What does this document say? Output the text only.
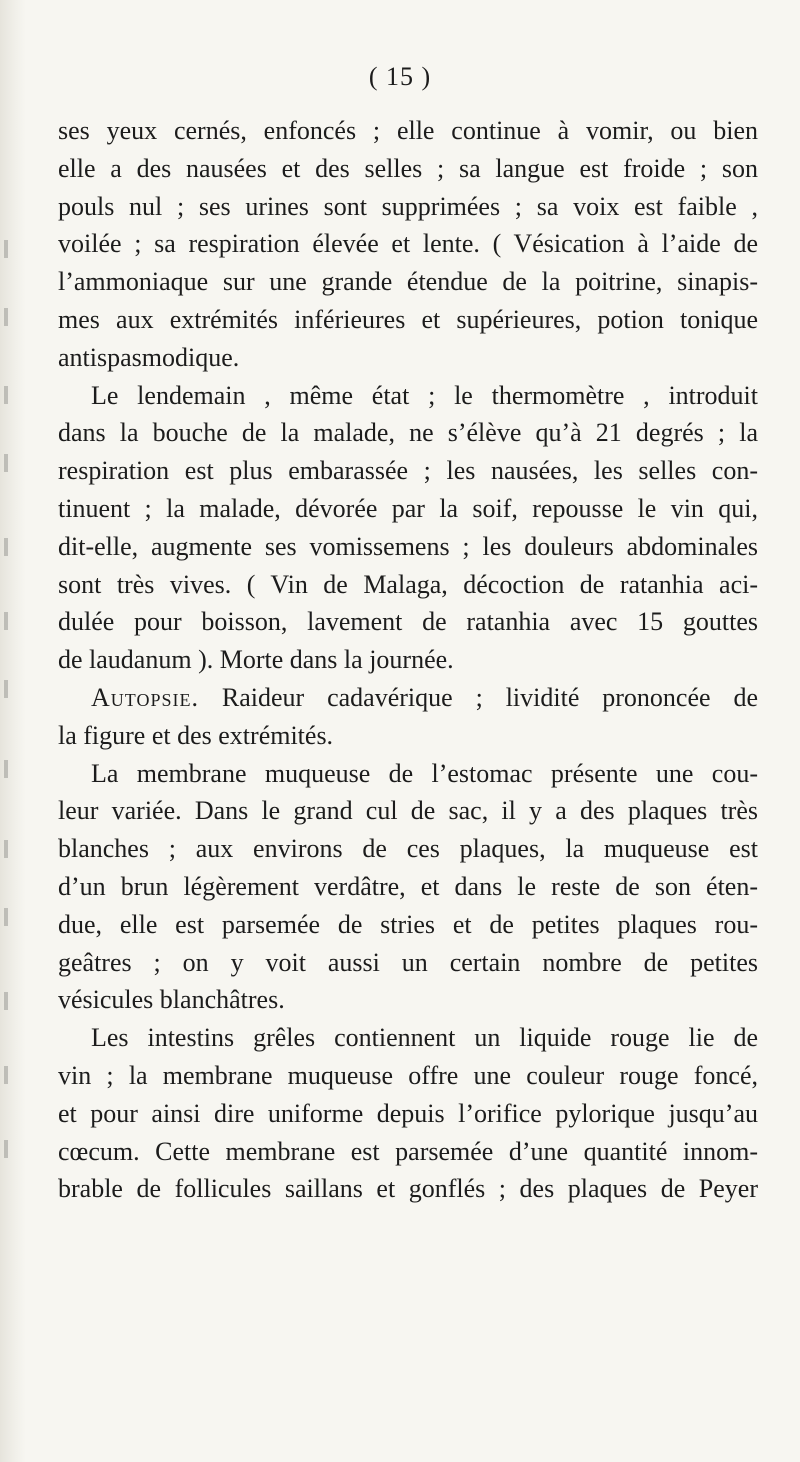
( 15 )
ses yeux cernés, enfoncés ; elle continue à vomir, ou bien
elle a des nausées et des selles ; sa langue est froide ; son
pouls nul ; ses urines sont supprimées ; sa voix est faible ,
voilée ; sa respiration élevée et lente. ( Vésication à l’aide de
l’ammoniaque sur une grande étendue de la poitrine, sinapis-
mes aux extrémités inférieures et supérieures, potion tonique
antispasmodique.
Le lendemain , même état ; le thermomètre , introduit
dans la bouche de la malade, ne s’élève qu’à 21 degrés ; la
respiration est plus embarassée ; les nausées, les selles con-
tinuent ; la malade, dévorée par la soif, repousse le vin qui,
dit-elle, augmente ses vomissemens ; les douleurs abdominales
sont très vives. ( Vin de Malaga, décoction de ratanhia aci-
dulée pour boisson, lavement de ratanhia avec 15 gouttes
de laudanum ). Morte dans la journée.
Autopsie. Raideur cadavérique ; lividité prononcée de
la figure et des extrémités.
La membrane muqueuse de l’estomac présente une cou-
leur variée. Dans le grand cul de sac, il y a des plaques très
blanches ; aux environs de ces plaques, la muqueuse est
d’un brun légèrement verdâtre, et dans le reste de son éten-
due, elle est parsemée de stries et de petites plaques rou-
geâtres ; on y voit aussi un certain nombre de petites
vésicules blanchâtres.
Les intestins grêles contiennent un liquide rouge lie de
vin ; la membrane muqueuse offre une couleur rouge foncé,
et pour ainsi dire uniforme depuis l’orifice pylorique jusqu’au
cœcum. Cette membrane est parsemée d’une quantité innom-
brable de follicules saillans et gonflés ; des plaques de Peyer
